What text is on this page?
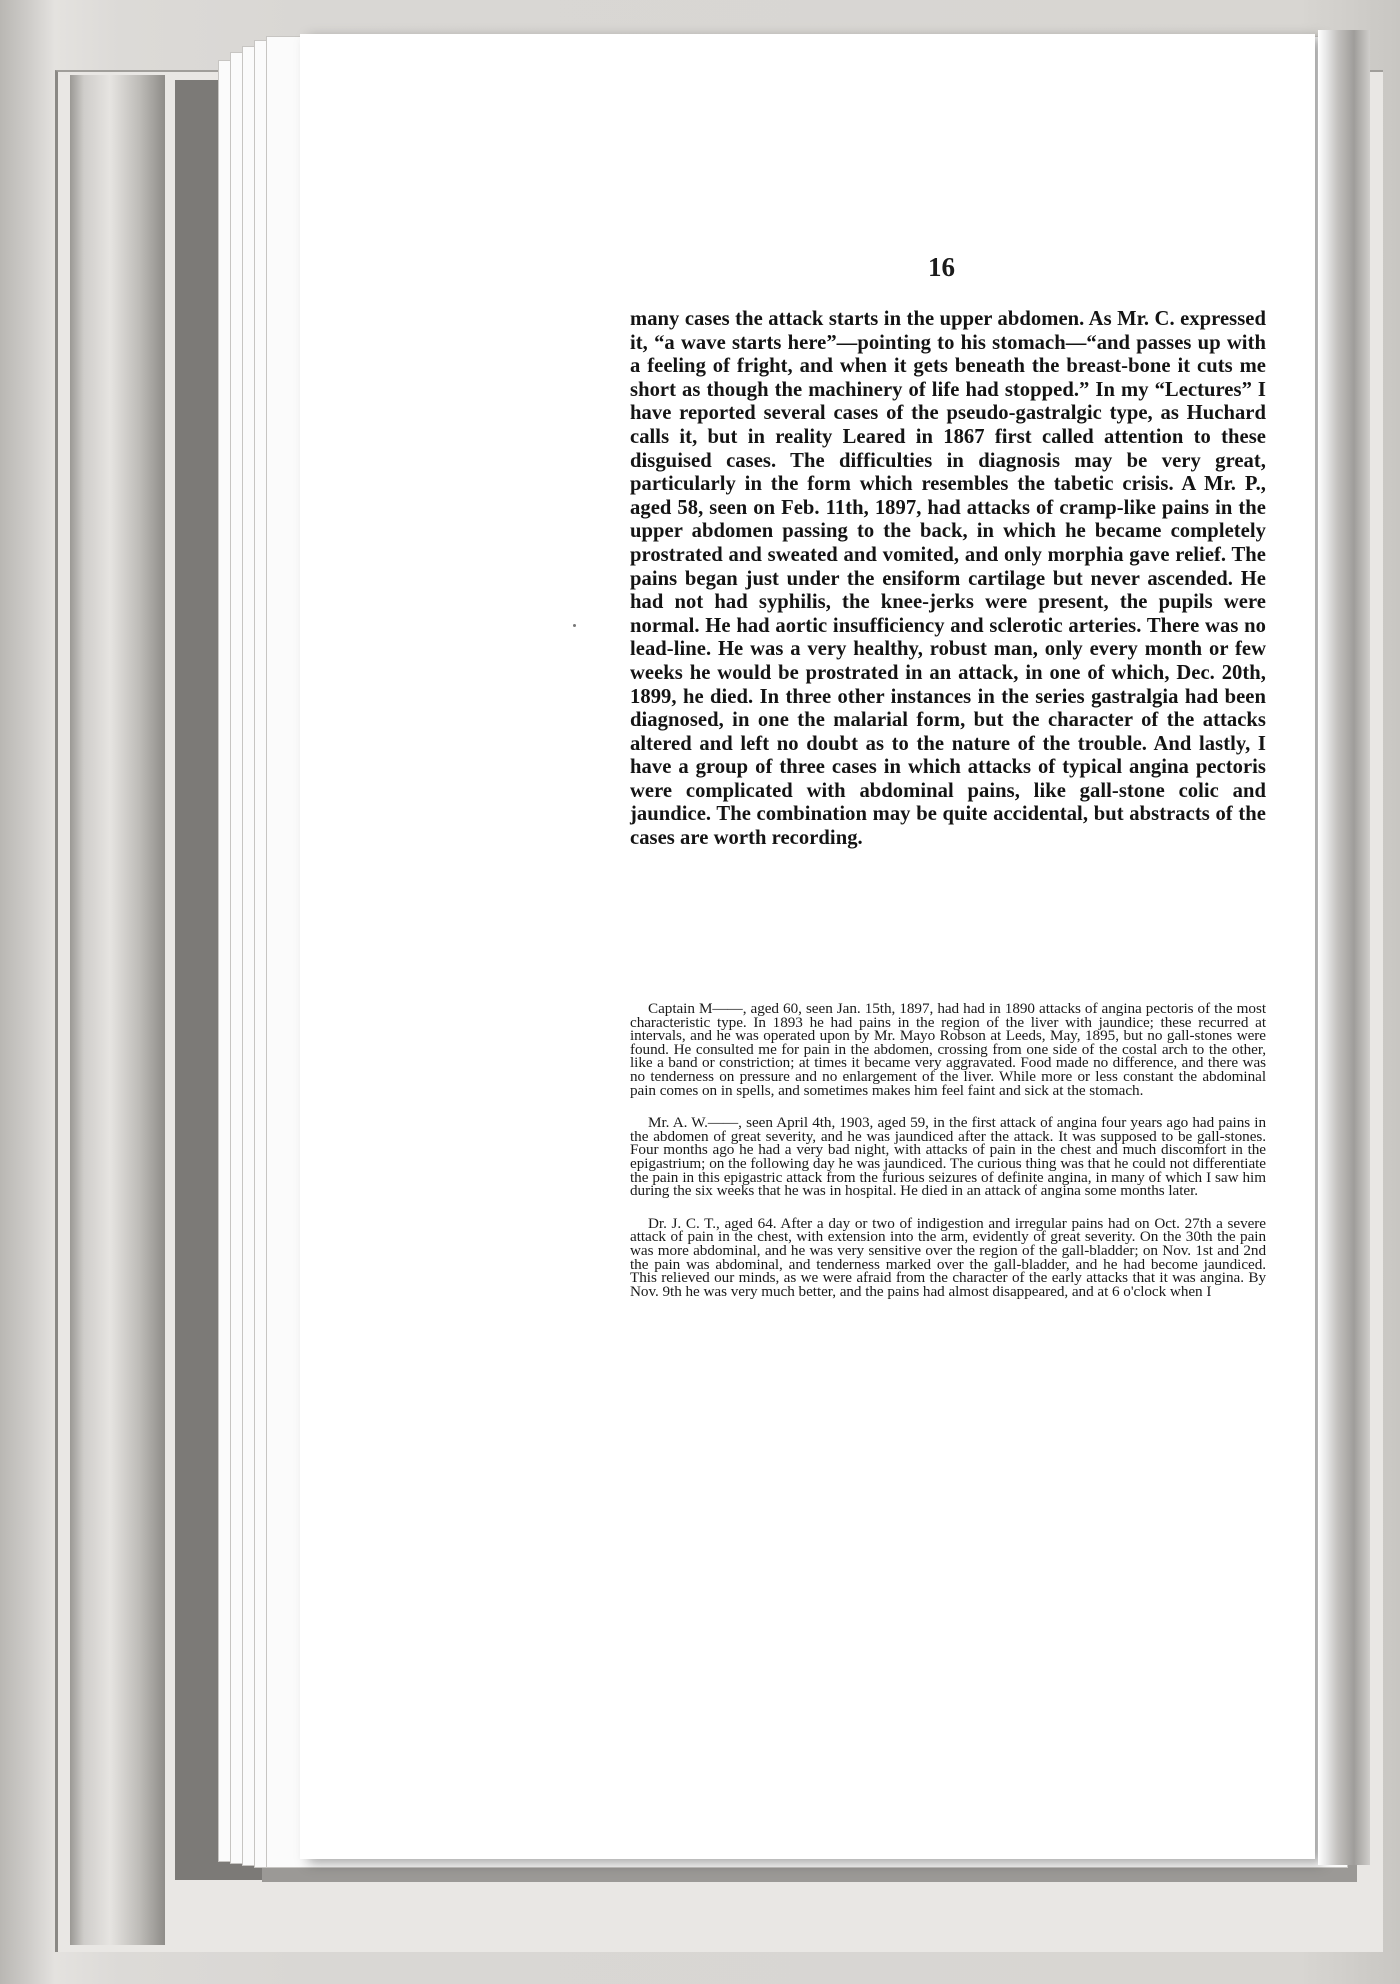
16

many cases the attack starts in the upper abdomen. As Mr. C. expressed it, “a wave starts here”—pointing to his stomach—“and passes up with a feeling of fright, and when it gets beneath the breast-bone it cuts me short as though the machinery of life had stopped.” In my “Lectures” I have reported several cases of the pseudo-gastralgic type, as Huchard calls it, but in reality Leared in 1867 first called attention to these disguised cases. The difficulties in diagnosis may be very great, particularly in the form which resembles the tabetic crisis. A Mr. P., aged 58, seen on Feb. 11th, 1897, had attacks of cramp-like pains in the upper abdomen passing to the back, in which he became completely prostrated and sweated and vomited, and only morphia gave relief. The pains began just under the ensiform cartilage but never ascended. He had not had syphilis, the knee-jerks were present, the pupils were normal. He had aortic insufficiency and sclerotic arteries. There was no lead-line. He was a very healthy, robust man, only every month or few weeks he would be prostrated in an attack, in one of which, Dec. 20th, 1899, he died. In three other instances in the series gastralgia had been diagnosed, in one the malarial form, but the character of the attacks altered and left no doubt as to the nature of the trouble. And lastly, I have a group of three cases in which attacks of typical angina pectoris were complicated with abdominal pains, like gall-stone colic and jaundice. The combination may be quite accidental, but abstracts of the cases are worth recording.

Captain M——, aged 60, seen Jan. 15th, 1897, had had in 1890 attacks of angina pectoris of the most characteristic type. In 1893 he had pains in the region of the liver with jaundice; these recurred at intervals, and he was operated upon by Mr. Mayo Robson at Leeds, May, 1895, but no gall-stones were found. He consulted me for pain in the abdomen, crossing from one side of the costal arch to the other, like a band or constriction; at times it became very aggravated. Food made no difference, and there was no tenderness on pressure and no enlargement of the liver. While more or less constant the abdominal pain comes on in spells, and sometimes makes him feel faint and sick at the stomach.

Mr. A. W.——, seen April 4th, 1903, aged 59, in the first attack of angina four years ago had pains in the abdomen of great severity, and he was jaundiced after the attack. It was supposed to be gall-stones. Four months ago he had a very bad night, with attacks of pain in the chest and much discomfort in the epigastrium; on the following day he was jaundiced. The curious thing was that he could not differentiate the pain in this epigastric attack from the furious seizures of definite angina, in many of which I saw him during the six weeks that he was in hospital. He died in an attack of angina some months later.

Dr. J. C. T., aged 64. After a day or two of indigestion and irregular pains had on Oct. 27th a severe attack of pain in the chest, with extension into the arm, evidently of great severity. On the 30th the pain was more abdominal, and he was very sensitive over the region of the gall-bladder; on Nov. 1st and 2nd the pain was abdominal, and tenderness marked over the gall-bladder, and he had become jaundiced. This relieved our minds, as we were afraid from the character of the early attacks that it was angina. By Nov. 9th he was very much better, and the pains had almost disappeared, and at 6 o'clock when I
